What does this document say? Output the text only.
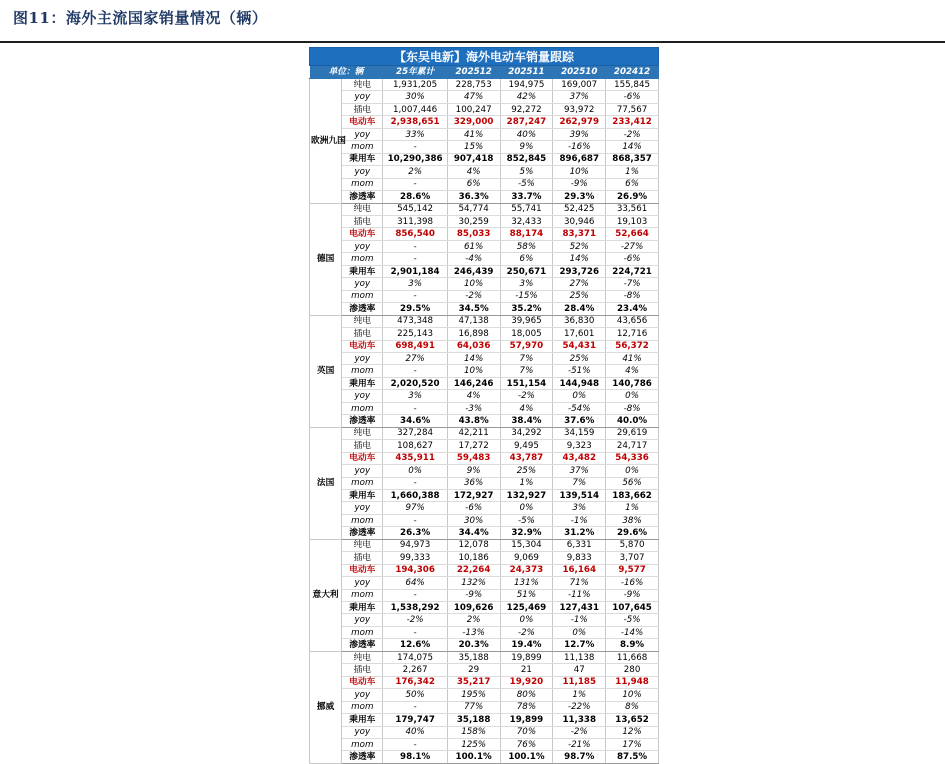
图11：海外主流国家销量情况（辆）
【东吴电新】海外电动车销量跟踪
单位：辆		25年累计	202512	202511	202510	202412
欧洲九国	纯电	1,931,205	228,753	194,975	169,007	155,845
	yoy	30%	47%	42%	37%	-6%
	插电	1,007,446	100,247	92,272	93,972	77,567
	电动车	2,938,651	329,000	287,247	262,979	233,412
	yoy	33%	41%	40%	39%	-2%
	mom	-	15%	9%	-16%	14%
	乘用车	10,290,386	907,418	852,845	896,687	868,357
	yoy	2%	4%	5%	10%	1%
	mom	-	6%	-5%	-9%	6%
	渗透率	28.6%	36.3%	33.7%	29.3%	26.9%
德国	纯电	545,142	54,774	55,741	52,425	33,561
	插电	311,398	30,259	32,433	30,946	19,103
	电动车	856,540	85,033	88,174	83,371	52,664
	yoy	-	61%	58%	52%	-27%
	mom	-	-4%	6%	14%	-6%
	乘用车	2,901,184	246,439	250,671	293,726	224,721
	yoy	3%	10%	3%	27%	-7%
	mom	-	-2%	-15%	25%	-8%
	渗透率	29.5%	34.5%	35.2%	28.4%	23.4%
英国	纯电	473,348	47,138	39,965	36,830	43,656
	插电	225,143	16,898	18,005	17,601	12,716
	电动车	698,491	64,036	57,970	54,431	56,372
	yoy	27%	14%	7%	25%	41%
	mom	-	10%	7%	-51%	4%
	乘用车	2,020,520	146,246	151,154	144,948	140,786
	yoy	3%	4%	-2%	0%	0%
	mom	-	-3%	4%	-54%	-8%
	渗透率	34.6%	43.8%	38.4%	37.6%	40.0%
法国	纯电	327,284	42,211	34,292	34,159	29,619
	插电	108,627	17,272	9,495	9,323	24,717
	电动车	435,911	59,483	43,787	43,482	54,336
	yoy	0%	9%	25%	37%	0%
	mom	-	36%	1%	7%	56%
	乘用车	1,660,388	172,927	132,927	139,514	183,662
	yoy	97%	-6%	0%	3%	1%
	mom	-	30%	-5%	-1%	38%
	渗透率	26.3%	34.4%	32.9%	31.2%	29.6%
意大利	纯电	94,973	12,078	15,304	6,331	5,870
	插电	99,333	10,186	9,069	9,833	3,707
	电动车	194,306	22,264	24,373	16,164	9,577
	yoy	64%	132%	131%	71%	-16%
	mom	-	-9%	51%	-11%	-9%
	乘用车	1,538,292	109,626	125,469	127,431	107,645
	yoy	-2%	2%	0%	-1%	-5%
	mom	-	-13%	-2%	0%	-14%
	渗透率	12.6%	20.3%	19.4%	12.7%	8.9%
挪威	纯电	174,075	35,188	19,899	11,138	11,668
	插电	2,267	29	21	47	280
	电动车	176,342	35,217	19,920	11,185	11,948
	yoy	50%	195%	80%	1%	10%
	mom	-	77%	78%	-22%	8%
	乘用车	179,747	35,188	19,899	11,338	13,652
	yoy	40%	158%	70%	-2%	12%
	mom	-	125%	76%	-21%	17%
	渗透率	98.1%	100.1%	100.1%	98.7%	87.5%
